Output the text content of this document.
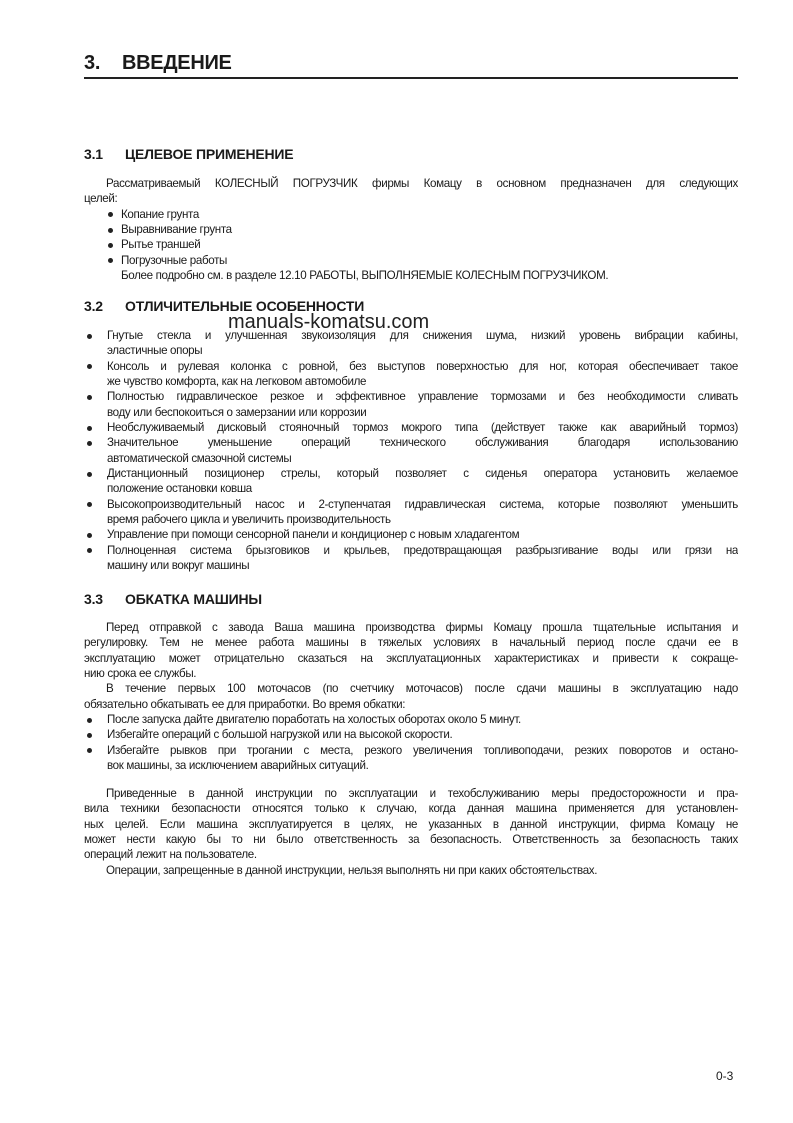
3. ВВЕДЕНИЕ
3.1 ЦЕЛЕВОЕ ПРИМЕНЕНИЕ
Рассматриваемый КОЛЕСНЫЙ ПОГРУЗЧИК фирмы Комацу в основном предназначен для следующих
целей:
Копание грунта
Выравнивание грунта
Рытье траншей
Погрузочные работы
Более подробно см. в разделе 12.10 РАБОТЫ, ВЫПОЛНЯЕМЫЕ КОЛЕСНЫМ ПОГРУЗЧИКОМ.
3.2 ОТЛИЧИТЕЛЬНЫЕ ОСОБЕННОСТИ
Гнутые стекла и улучшенная звукоизоляция для снижения шума, низкий уровень вибрации кабины,
эластичные опоры
Консоль и рулевая колонка с ровной, без выступов поверхностью для ног, которая обеспечивает такое
же чувство комфорта, как на легковом автомобиле
Полностью гидравлическое резкое и эффективное управление тормозами и без необходимости сливать
воду или беспокоиться о замерзании или коррозии
Необслуживаемый дисковый стояночный тормоз мокрого типа (действует также как аварийный тормоз)
Значительное уменьшение операций технического обслуживания благодаря использованию
автоматической смазочной системы
Дистанционный позиционер стрелы, который позволяет с сиденья оператора установить желаемое
положение остановки ковша
Высокопроизводительный насос и 2-ступенчатая гидравлическая система, которые позволяют уменьшить
время рабочего цикла и увеличить производительность
Управление при помощи сенсорной панели и кондиционер с новым хладагентом
Полноценная система брызговиков и крыльев, предотвращающая разбрызгивание воды или грязи на
машину или вокруг машины
3.3 ОБКАТКА МАШИНЫ
Перед отправкой с завода Ваша машина производства фирмы Комацу прошла тщательные испытания и
регулировку. Тем не менее работа машины в тяжелых условиях в начальный период после сдачи ее в
эксплуатацию может отрицательно сказаться на эксплуатационных характеристиках и привести к сокраще-
нию срока ее службы.
В течение первых 100 моточасов (по счетчику моточасов) после сдачи машины в эксплуатацию надо
обязательно обкатывать ее для приработки. Во время обкатки:
После запуска дайте двигателю поработать на холостых оборотах около 5 минут.
Избегайте операций с большой нагрузкой или на высокой скорости.
Избегайте рывков при трогании с места, резкого увеличения топливоподачи, резких поворотов и остано-
вок машины, за исключением аварийных ситуаций.
Приведенные в данной инструкции по эксплуатации и техобслуживанию меры предосторожности и пра-
вила техники безопасности относятся только к случаю, когда данная машина применяется для установлен-
ных целей. Если машина эксплуатируется в целях, не указанных в данной инструкции, фирма Комацу не
может нести какую бы то ни было ответственность за безопасность. Ответственность за безопасность таких
операций лежит на пользователе.
Операции, запрещенные в данной инструкции, нельзя выполнять ни при каких обстоятельствах.
manuals-komatsu.com
0-3
